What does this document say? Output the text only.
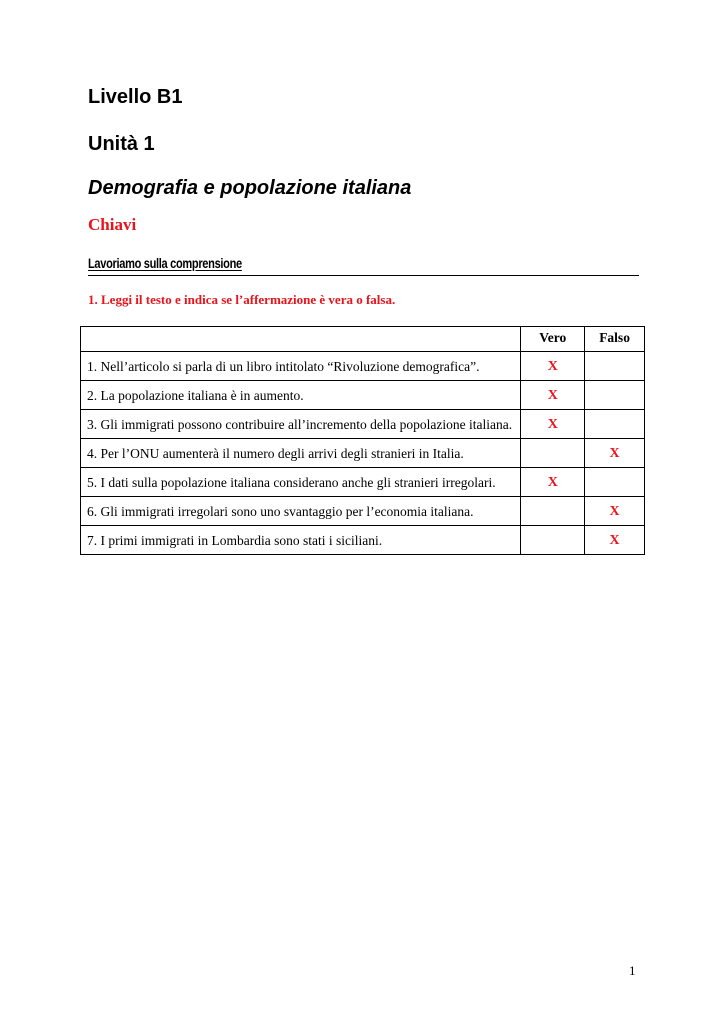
Livello B1
Unità 1
Demografia e popolazione italiana
Chiavi
Lavoriamo sulla comprensione

1. Leggi il testo e indica se l’affermazione è vera o falsa.

	Vero	Falso
1. Nell’articolo si parla di un libro intitolato “Rivoluzione demografica”.	X	
2. La popolazione italiana è in aumento.	X	
3. Gli immigrati possono contribuire all’incremento della popolazione italiana.	X	
4. Per l’ONU aumenterà il numero degli arrivi degli stranieri in Italia.		X
5. I dati sulla popolazione italiana considerano anche gli stranieri irregolari.	X	
6. Gli immigrati irregolari sono uno svantaggio per l’economia italiana.		X
7. I primi immigrati in Lombardia sono stati i siciliani.		X
1
